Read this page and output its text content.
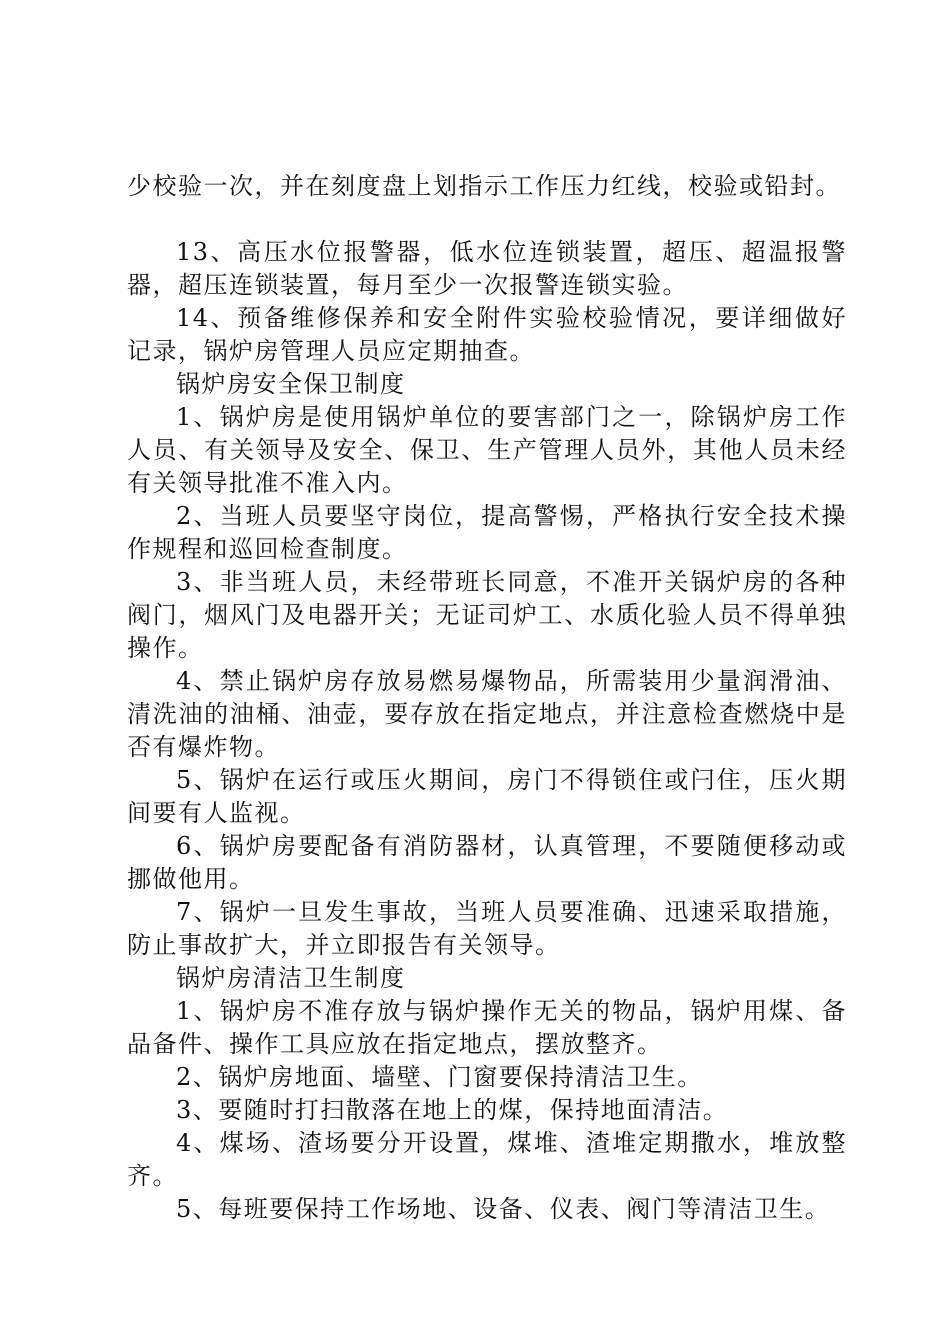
少校验一次，并在刻度盘上划指示工作压力红线，校验或铅封。

13、高压水位报警器，低水位连锁装置，超压、超温报警器，超压连锁装置，每月至少一次报警连锁实验。

14、预备维修保养和安全附件实验校验情况，要详细做好记录，锅炉房管理人员应定期抽查。

锅炉房安全保卫制度

1、锅炉房是使用锅炉单位的要害部门之一，除锅炉房工作人员、有关领导及安全、保卫、生产管理人员外，其他人员未经有关领导批准不准入内。

2、当班人员要坚守岗位，提高警惕，严格执行安全技术操作规程和巡回检查制度。

3、非当班人员，未经带班长同意，不准开关锅炉房的各种阀门，烟风门及电器开关；无证司炉工、水质化验人员不得单独操作。

4、禁止锅炉房存放易燃易爆物品，所需装用少量润滑油、清洗油的油桶、油壶，要存放在指定地点，并注意检查燃烧中是否有爆炸物。

5、锅炉在运行或压火期间，房门不得锁住或闩住，压火期间要有人监视。

6、锅炉房要配备有消防器材，认真管理，不要随便移动或挪做他用。

7、锅炉一旦发生事故，当班人员要准确、迅速采取措施，防止事故扩大，并立即报告有关领导。

锅炉房清洁卫生制度

1、锅炉房不准存放与锅炉操作无关的物品，锅炉用煤、备品备件、操作工具应放在指定地点，摆放整齐。

2、锅炉房地面、墙壁、门窗要保持清洁卫生。

3、要随时打扫散落在地上的煤，保持地面清洁。

4、煤场、渣场要分开设置，煤堆、渣堆定期撒水，堆放整齐。

5、每班要保持工作场地、设备、仪表、阀门等清洁卫生。
